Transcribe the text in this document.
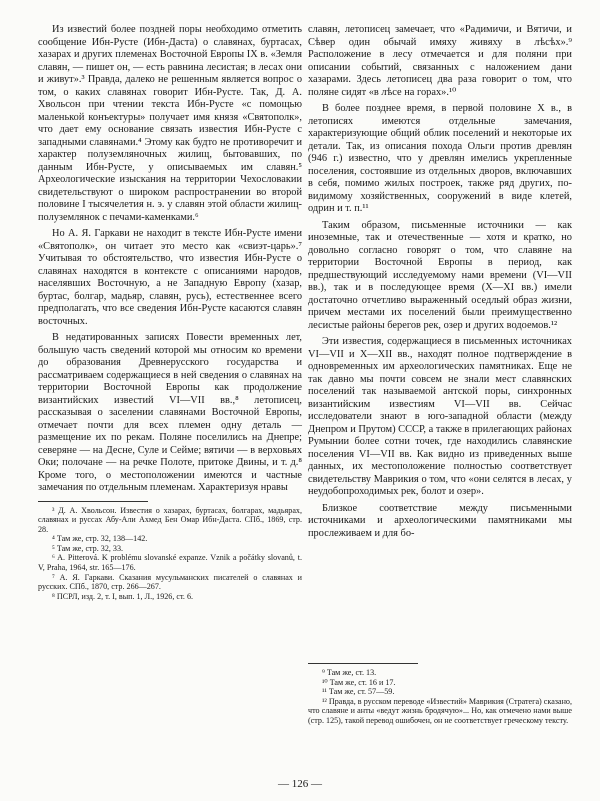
Из известий более поздней поры необходимо отметить сообщение Ибн-Русте (Ибн-Даста) о славянах, буртасах, хазарах и других племенах Восточной Европы IX в. «Земля славян, — пишет он, — есть равнина лесистая; в лесах они и живут».³ Правда, далеко не решенным является вопрос о том, о каких славянах говорит Ибн-Русте. Так, Д. А. Хвольсон при чтении текста Ибн-Русте «с помощью маленькой конъектуры» получает имя князя «Святополк», что дает ему основание связать известия Ибн-Русте с западными славянами.⁴ Этому как будто не противоречит и характер полуземляночных жилищ, бытовавших, по данным Ибн-Русте, у описываемых им славян.⁵ Археологические изыскания на территории Чехословакии свидетельствуют о широком распространении во второй половине I тысячелетия н. э. у славян этой области жилищ-полуземлянок с печами-каменками.⁶

Но А. Я. Гаркави не находит в тексте Ибн-Русте имени «Святополк», он читает это место как «свиэт-царь».⁷ Учитывая то обстоятельство, что известия Ибн-Русте о славянах находятся в контексте с описаниями народов, населявших Восточную, а не Западную Европу (хазар, буртас, болгар, мадьяр, славян, русь), естественнее всего предполагать, что все сведения Ибн-Русте касаются славян восточных.

В недатированных записях Повести временных лет, большую часть сведений которой мы относим ко времени до образования Древнерусского государства и рассматриваем содержащиеся в ней сведения о славянах на территории Восточной Европы как продолжение византийских известий VI—VII вв.,⁸ летописец, рассказывая о заселении славянами Восточной Европы, отмечает почти для всех племен одну деталь — размещение их по рекам. Поляне поселились на Днепре; северяне — на Десне, Суле и Сейме; вятичи — в верховьях Оки; полочане — на речке Полоте, притоке Двины, и т. д.⁸ Кроме того, о местоположении имеются и частные замечания по отдельным племенам. Характеризуя нравы

³ Д. А. Хвольсон. Известия о хазарах, буртасах, болгарах, мадьярах, славянах и руссах Абу-Али Ахмед Бен Омар Ибн-Даста. СПб., 1869, стр. 28.

⁴ Там же, стр. 32, 138—142.

⁵ Там же, стр. 32, 33.

⁶ A. Pitterová. K problému slovanské expanze. Vznik a počátky slovanů, t. V, Praha, 1964, str. 165—176.

⁷ А. Я. Гаркави. Сказания мусульманских писателей о славянах и русских. СПб., 1870, стр. 266—267.

⁸ ПСРЛ, изд. 2, т. I, вып. 1, Л., 1926, ст. 6.

славян, летописец замечает, что «Радимичи, и Вятичи, и Сѣвер один обычай имяху живяху в лѣсѣх».⁹ Расположение в лесу отмечается и для поляни при описании событий, связанных с наложением дани хазарами. Здесь летописец два раза говорит о том, что поляне сидят «в лѣсе на горах».¹⁰

В более позднее время, в первой половине X в., в летописях имеются отдельные замечания, характеризующие общий облик поселений и некоторые их детали. Так, из описания похода Ольги против древлян (946 г.) известно, что у древлян имелись укрепленные поселения, состоявшие из отдельных дворов, включавших в себя, помимо жилых построек, также ряд других, по-видимому хозяйственных, сооружений в виде клетей, одрин и т. п.¹¹

Таким образом, письменные источники — как иноземные, так и отечественные — хотя и кратко, но довольно согласно говорят о том, что славяне на территории Восточной Европы в период, как предшествующий исследуемому нами времени (VI—VII вв.), так и в последующее время (X—XI вв.) имели достаточно отчетливо выраженный оседлый образ жизни, причем местами их поселений были преимущественно лесистые районы берегов рек, озер и других водоемов.¹²

Эти известия, содержащиеся в письменных источниках VI—VII и X—XII вв., находят полное подтверждение в одновременных им археологических памятниках. Еще не так давно мы почти совсем не знали мест славянских поселений так называемой антской поры, синхронных византийским известиям VI—VII вв. Сейчас исследователи знают в юго-западной области (между Днепром и Прутом) СССР, а также в прилегающих районах Румынии более сотни точек, где находились славянские поселения VI—VII вв. Как видно из приведенных выше данных, их местоположение полностью соответствует свидетельству Маврикия о том, что «они селятся в лесах, у неудобопроходимых рек, болот и озер».

Близкое соответствие между письменными источниками и археологическими памятниками мы прослеживаем и для бо-

⁹ Там же, ст. 13.

¹⁰ Там же, ст. 16 и 17.

¹¹ Там же, ст. 57—59.

¹² Правда, в русском переводе «Известий» Маврикия (Стратега) сказано, что славяне и анты «ведут жизнь бродячую»... Но, как отмечено нами выше (стр. 125), такой перевод ошибочен, он не соответствует греческому тексту.

— 126 —
